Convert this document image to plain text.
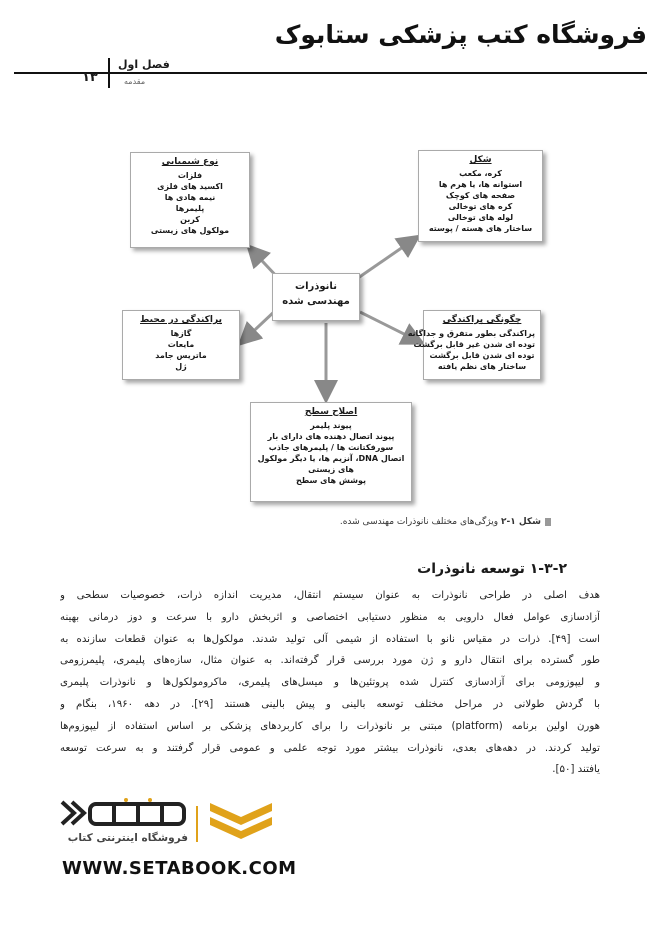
فروشگاه کتب پزشکی ستابوک
۱۳
فصل اول
مقدمه
نوع شیمیایی
فلزات
اکسید های فلزی
نیمه هادی ها
پلیمرها
کربن
مولکول های زیستی
شکل
کره، مکعب
استوانه ها، یا هرم ها
صفحه های کوچک
کره های توخالی
لوله های توخالی
ساختار های هسته / پوسته
نانوذرات
مهندسی شده
پراکندگی در محیط
گازها
مایعات
ماتریس جامد
ژل
چگونگی پراکندگی
پراکندگی بطور متفرق و جداگانه
توده ای شدن غیر قابل برگشت
توده ای شدن قابل برگشت
ساختار های نظم یافته
اصلاح سطح
پیوند پلیمر
پیوند اتصال دهنده های دارای بار
سورفکتانت ها / پلیمرهای جاذب
اتصال DNA، آنزیم ها، یا دیگر مولکول های زیستی
پوشش های سطح
شکل ۱-۲ ویژگی‌های مختلف نانوذرات مهندسی شده.
۱-۳-۲ توسعه نانوذرات
هدف اصلی در طراحی نانوذرات به عنوان سیستم انتقال، مدیریت اندازه ذرات، خصوصیات سطحی و
آزادسازی عوامل فعال دارویی به منظور دستیابی اختصاصی و اثربخش دارو با سرعت و دوز درمانی بهینه
است [۴۹]. ذرات در مقیاس نانو با استفاده از شیمی آلی تولید شدند. مولکول‌ها به عنوان قطعات سازنده به
طور گسترده برای انتقال دارو و ژن مورد بررسی قرار گرفته‌اند. به عنوان مثال، سازه‌های پلیمری، پلیمرزومی
و لیپوزومی برای آزادسازی کنترل شده پروتئین‌ها و میسل‌های پلیمری، ماکرومولکول‌ها و نانوذرات پلیمری
با گردش طولانی در مراحل مختلف توسعه بالینی و پیش بالینی هستند [۲۹]. در دهه ۱۹۶۰، بنگام و
هورن اولین برنامه (platform) مبتنی بر نانوذرات را برای کاربردهای پزشکی بر اساس استفاده از لیپوزوم‌ها
تولید کردند. در دهه‌های بعدی، نانوذرات بیشتر مورد توجه علمی و عمومی قرار گرفتند و به سرعت توسعه
یافتند [۵۰].
فروشگاه اینترنتی کتاب
WWW.SETABOOK.COM
